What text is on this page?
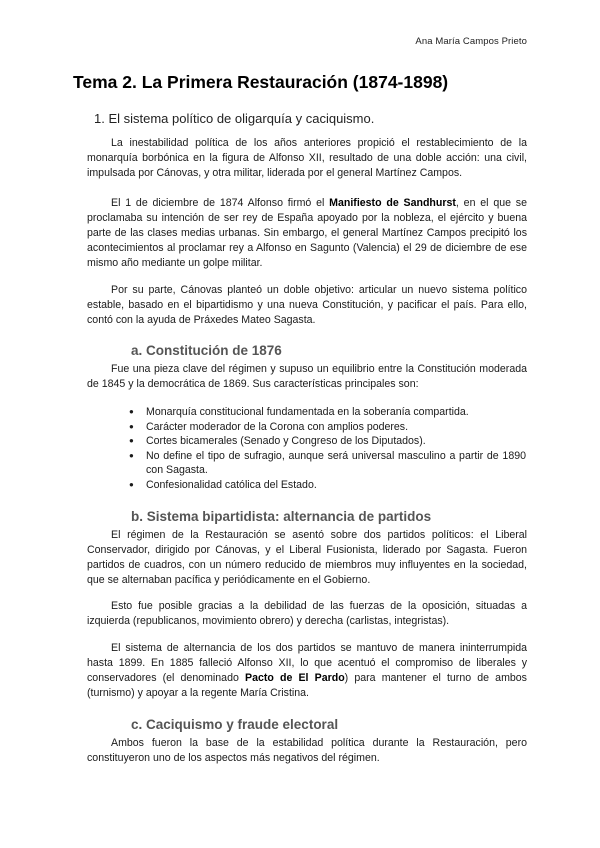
Ana María Campos Prieto
Tema 2. La Primera Restauración (1874-1898)
1. El sistema político de oligarquía y caciquismo.

La inestabilidad política de los años anteriores propició el restablecimiento de la monarquía borbónica en la figura de Alfonso XII, resultado de una doble acción: una civil, impulsada por Cánovas, y otra militar, liderada por el general Martínez Campos.

El 1 de diciembre de 1874 Alfonso firmó el Manifiesto de Sandhurst, en el que se proclamaba su intención de ser rey de España apoyado por la nobleza, el ejército y buena parte de las clases medias urbanas. Sin embargo, el general Martínez Campos precipitó los acontecimientos al proclamar rey a Alfonso en Sagunto (Valencia) el 29 de diciembre de ese mismo año mediante un golpe militar.

Por su parte, Cánovas planteó un doble objetivo: articular un nuevo sistema político estable, basado en el bipartidismo y una nueva Constitución, y pacificar el país. Para ello, contó con la ayuda de Práxedes Mateo Sagasta.

a. Constitución de 1876

Fue una pieza clave del régimen y supuso un equilibrio entre la Constitución moderada de 1845 y la democrática de 1869. Sus características principales son:

● Monarquía constitucional fundamentada en la soberanía compartida.
● Carácter moderador de la Corona con amplios poderes.
● Cortes bicamerales (Senado y Congreso de los Diputados).
● No define el tipo de sufragio, aunque será universal masculino a partir de 1890 con Sagasta.
● Confesionalidad católica del Estado.
b. Sistema bipartidista: alternancia de partidos

El régimen de la Restauración se asentó sobre dos partidos políticos: el Liberal Conservador, dirigido por Cánovas, y el Liberal Fusionista, liderado por Sagasta. Fueron partidos de cuadros, con un número reducido de miembros muy influyentes en la sociedad, que se alternaban pacífica y periódicamente en el Gobierno.

Esto fue posible gracias a la debilidad de las fuerzas de la oposición, situadas a izquierda (republicanos, movimiento obrero) y derecha (carlistas, integristas).

El sistema de alternancia de los dos partidos se mantuvo de manera ininterrumpida hasta 1899. En 1885 falleció Alfonso XII, lo que acentuó el compromiso de liberales y conservadores (el denominado Pacto de El Pardo) para mantener el turno de ambos (turnismo) y apoyar a la regente María Cristina.

c. Caciquismo y fraude electoral

Ambos fueron la base de la estabilidad política durante la Restauración, pero constituyeron uno de los aspectos más negativos del régimen.
